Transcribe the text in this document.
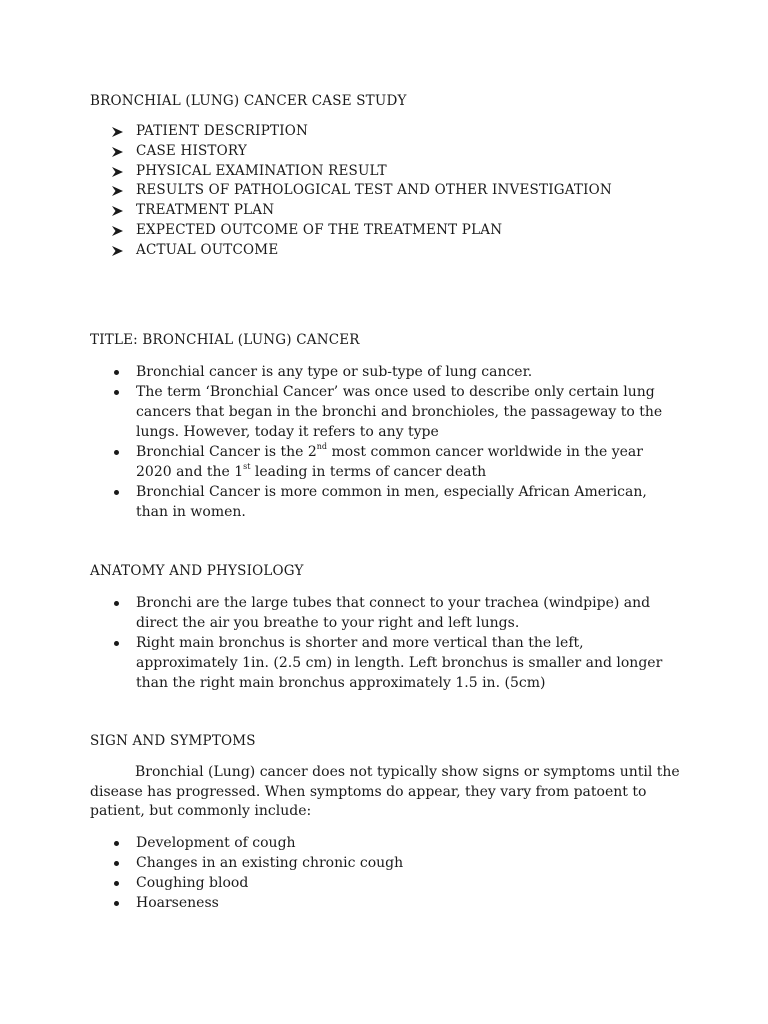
BRONCHIAL (LUNG) CANCER CASE STUDY
PATIENT DESCRIPTION
CASE HISTORY
PHYSICAL EXAMINATION RESULT
RESULTS OF PATHOLOGICAL TEST AND OTHER INVESTIGATION
TREATMENT PLAN
EXPECTED OUTCOME OF THE TREATMENT PLAN
ACTUAL OUTCOME
TITLE: BRONCHIAL (LUNG) CANCER
Bronchial cancer is any type or sub-type of lung cancer.
The term ‘Bronchial Cancer’ was once used to describe only certain lung cancers that began in the bronchi and bronchioles, the passageway to the lungs. However, today it refers to any type
Bronchial Cancer is the 2nd most common cancer worldwide in the year 2020 and the 1st leading in terms of cancer death
Bronchial Cancer is more common in men, especially African American, than in women.
ANATOMY AND PHYSIOLOGY
Bronchi are the large tubes that connect to your trachea (windpipe) and direct the air you breathe to your right and left lungs.
Right main bronchus is shorter and more vertical than the left, approximately 1in. (2.5 cm) in length. Left bronchus is smaller and longer than the right main bronchus approximately 1.5 in. (5cm)
SIGN AND SYMPTOMS

Bronchial (Lung) cancer does not typically show signs or symptoms until the disease has progressed. When symptoms do appear, they vary from patoent to patient, but commonly include:

Development of cough
Changes in an existing chronic cough
Coughing blood
Hoarseness
